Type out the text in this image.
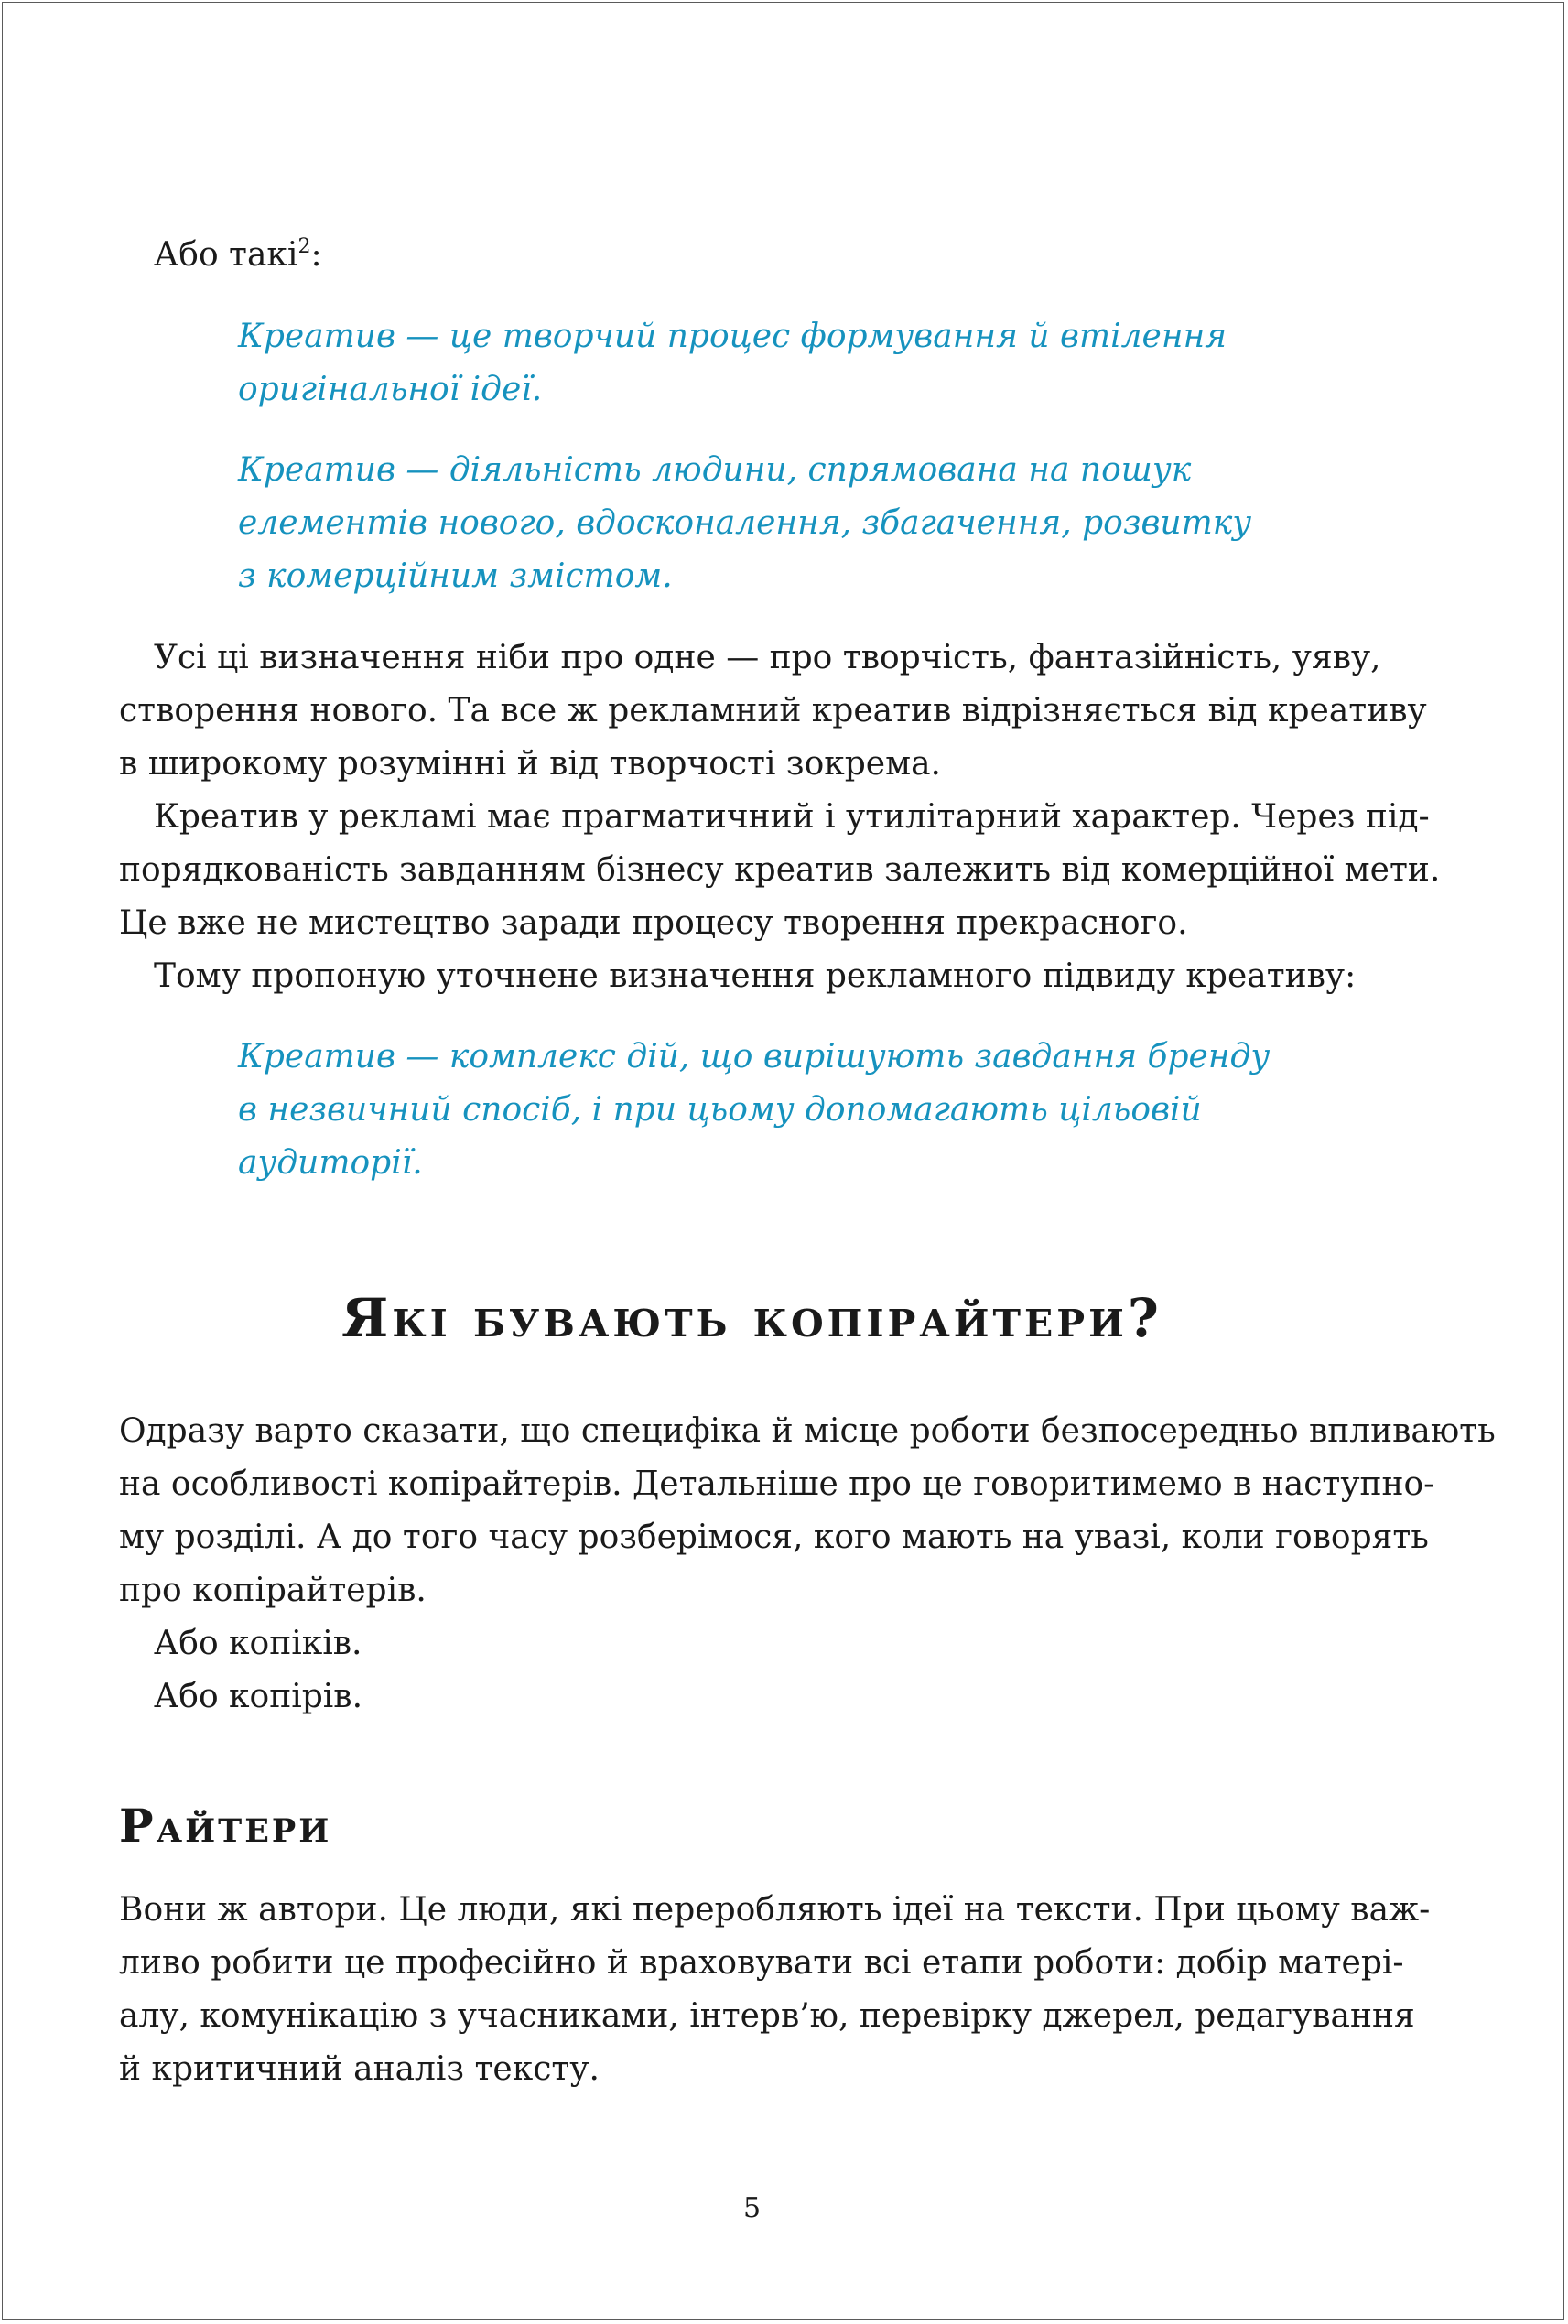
Або такі$^2$:

Креатив — це творчий процес формування й втілення

оригінальної ідеї.

Креатив — діяльність людини, спрямована на пошук

елементів нового, вдосконалення, збагачення, розвитку

з комерційним змістом.

Усі ці визначення ніби про одне — про творчість, фантазійність, уяву,

створення нового. Та все ж рекламний креатив відрізняється від креативу

в широкому розумінні й від творчості зокрема.

Креатив у рекламі має прагматичний і утилітарний характер. Через під-

порядкованість завданням бізнесу креатив залежить від комерційної мети.

Це вже не мистецтво заради процесу творення прекрасного.

Тому пропоную уточнене визначення рекламного підвиду креативу:

Креатив — комплекс дій, що вирішують завдання бренду

в незвичний спосіб, і при цьому допомагають цільовій

аудиторії.

Які бувають копірайтери?

Одразу варто сказати, що специфіка й місце роботи безпосередньо впливають

на особливості копірайтерів. Детальніше про це говоритимемо в наступно-

му розділі. А до того часу розберімося, кого мають на увазі, коли говорять

про копірайтерів.

Або копіків.

Або копірів.

Райтери

Вони ж автори. Це люди, які переробляють ідеї на тексти. При цьому важ-

ливо робити це професійно й враховувати всі етапи роботи: добір матері-

алу, комунікацію з учасниками, інтерв’ю, перевірку джерел, редагування

й критичний аналіз тексту.

5
